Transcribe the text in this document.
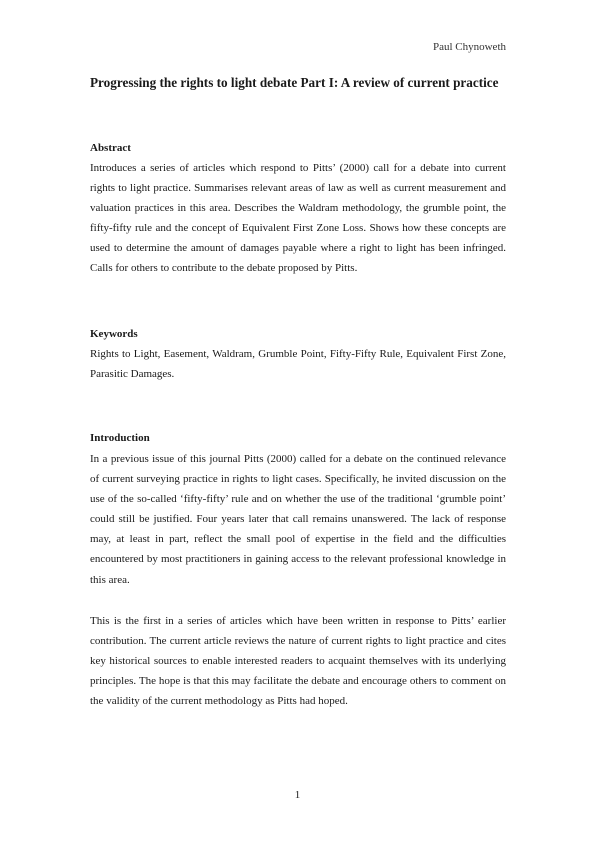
Paul Chynoweth
Progressing the rights to light debate Part I: A review of current practice
Abstract

Introduces a series of articles which respond to Pitts’ (2000) call for a debate into current rights to light practice. Summarises relevant areas of law as well as current measurement and valuation practices in this area. Describes the Waldram methodology, the grumble point, the fifty-fifty rule and the concept of Equivalent First Zone Loss. Shows how these concepts are used to determine the amount of damages payable where a right to light has been infringed. Calls for others to contribute to the debate proposed by Pitts.

Keywords

Rights to Light, Easement, Waldram, Grumble Point, Fifty-Fifty Rule, Equivalent First Zone, Parasitic Damages.

Introduction

In a previous issue of this journal Pitts (2000) called for a debate on the continued relevance of current surveying practice in rights to light cases. Specifically, he invited discussion on the use of the so-called ‘fifty-fifty’ rule and on whether the use of the traditional ‘grumble point’ could still be justified. Four years later that call remains unanswered. The lack of response may, at least in part, reflect the small pool of expertise in the field and the difficulties encountered by most practitioners in gaining access to the relevant professional knowledge in this area.

This is the first in a series of articles which have been written in response to Pitts’ earlier contribution. The current article reviews the nature of current rights to light practice and cites key historical sources to enable interested readers to acquaint themselves with its underlying principles. The hope is that this may facilitate the debate and encourage others to comment on the validity of the current methodology as Pitts had hoped.

1
